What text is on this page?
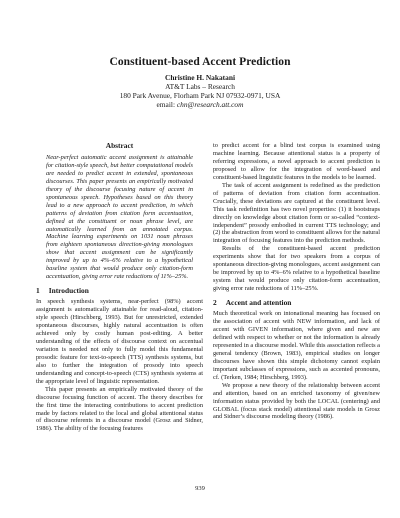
Constituent-based Accent Prediction
Christine H. Nakatani
AT&T Labs – Research
180 Park Avenue, Florham Park NJ 07932-0971, USA
email: chn@research.att.com
Abstract

Near-perfect automatic accent assignment is attainable for citation-style speech, but better computational models are needed to predict accent in extended, spontaneous discourses. This paper presents an empirically motivated theory of the discourse focusing nature of accent in spontaneous speech. Hypotheses based on this theory lead to a new approach to accent prediction, in which patterns of deviation from citation form accentuation, defined at the constituent or noun phrase level, are automatically learned from an annotated corpus. Machine learning experiments on 1031 noun phrases from eighteen spontaneous direction-giving monologues show that accent assignment can be significantly improved by up to 4%–6% relative to a hypothetical baseline system that would produce only citation-form accentuation, giving error rate reductions of 11%–25%.

1 Introduction

In speech synthesis systems, near-perfect (98%) accent assignment is automatically attainable for read-aloud, citation-style speech (Hirschberg, 1993). But for unrestricted, extended spontaneous discourses, highly natural accentuation is often achieved only by costly human post-editing. A better understanding of the effects of discourse context on accentual variation is needed not only to fully model this fundamental prosodic feature for text-to-speech (TTS) synthesis systems, but also to further the integration of prosody into speech understanding and concept-to-speech (CTS) synthesis systems at the appropriate level of linguistic representation.

This paper presents an empirically motivated theory of the discourse focusing function of accent. The theory describes for the first time the interacting contributions to accent prediction made by factors related to the local and global attentional status of discourse referents in a discourse model (Grosz and Sidner, 1986). The ability of the focusing features

to predict accent for a blind test corpus is examined using machine learning. Because attentional status is a property of referring expressions, a novel approach to accent prediction is proposed to allow for the integration of word-based and constituent-based linguistic features in the models to be learned.

The task of accent assignment is redefined as the prediction of patterns of deviation from citation form accentuation. Crucially, these deviations are captured at the constituent level. This task redefinition has two novel properties: (1) it bootstraps directly on knowledge about citation form or so-called “context-independent” prosody embodied in current TTS technology; and (2) the abstraction from word to constituent allows for the natural integration of focusing features into the prediction methods.

Results of the constituent-based accent prediction experiments show that for two speakers from a corpus of spontaneous direction-giving monologues, accent assignment can be improved by up to 4%–6% relative to a hypothetical baseline system that would produce only citation-form accentuation, giving error rate reductions of 11%–25%.

2 Accent and attention

Much theoretical work on intonational meaning has focused on the association of accent with NEW information, and lack of accent with GIVEN information, where given and new are defined with respect to whether or not the information is already represented in a discourse model. While this association reflects a general tendency (Brown, 1983), empirical studies on longer discourses have shown this simple dichotomy cannot explain important subclasses of expressions, such as accented pronouns, cf. (Terken, 1984; Hirschberg, 1993).

We propose a new theory of the relationship between accent and attention, based on an enriched taxonomy of given/new information status provided by both the LOCAL (centering) and GLOBAL (focus stack model) attentional state models in Grosz and Sidner’s discourse modeling theory (1986).

939
